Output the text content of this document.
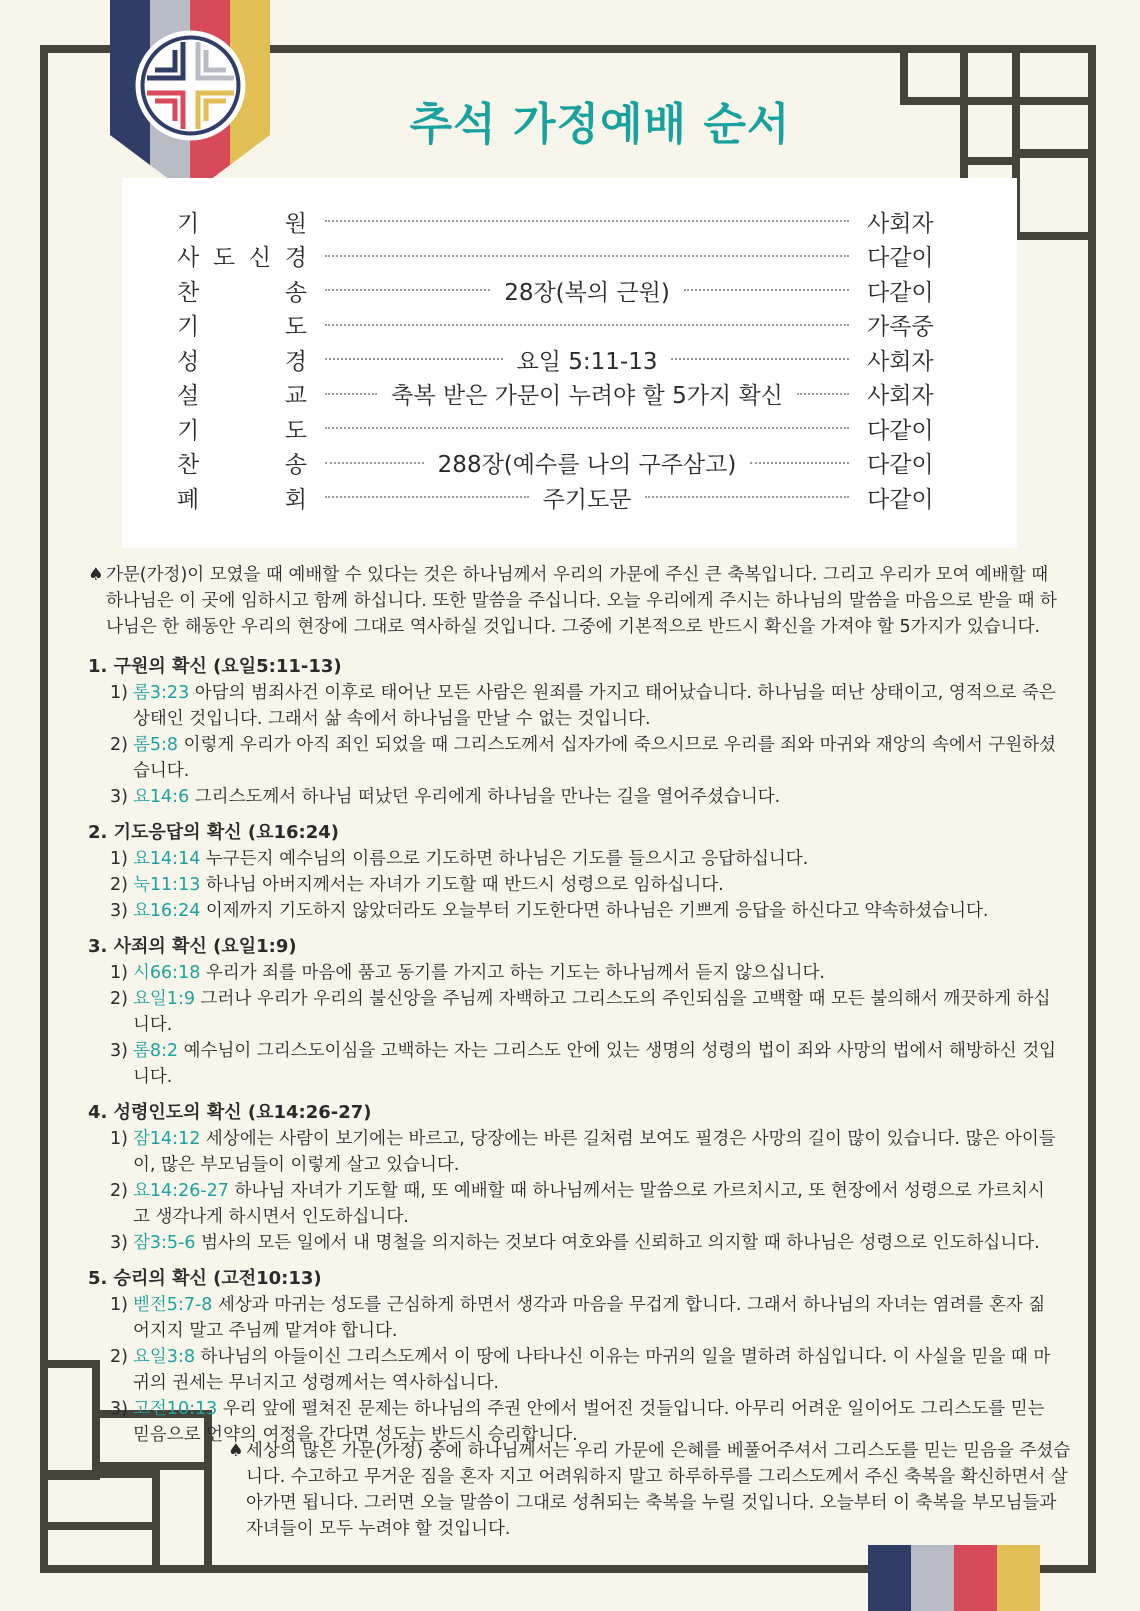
추석 가정예배 순서
기	원	사회자
사 도 신 경	다같이
찬	송	28장(복의 근원)	다같이
기	도	가족중
성	경	요일 5:11-13	사회자
설	교	축복 받은 가문이 누려야 할 5가지 확신	사회자
기	도	다같이
찬	송	288장(예수를 나의 구주삼고)	다같이
폐	회	주기도문	다같이

♠ 가문(가정)이 모였을 때 예배할 수 있다는 것은 하나님께서 우리의 가문에 주신 큰 축복입니다. 그리고 우리가 모여 예배할 때 하나님은 이 곳에 임하시고 함께 하십니다. 또한 말씀을 주십니다. 오늘 우리에게 주시는 하나님의 말씀을 마음으로 받을 때 하나님은 한 해동안 우리의 현장에 그대로 역사하실 것입니다. 그중에 기본적으로 반드시 확신을 가져야 할 5가지가 있습니다.

1. 구원의 확신 (요일5:11-13)

1) 롬3:23 아담의 범죄사건 이후로 태어난 모든 사람은 원죄를 가지고 태어났습니다. 하나님을 떠난 상태이고, 영적으로 죽은 상태인 것입니다. 그래서 삶 속에서 하나님을 만날 수 없는 것입니다.

2) 롬5:8 이렇게 우리가 아직 죄인 되었을 때 그리스도께서 십자가에 죽으시므로 우리를 죄와 마귀와 재앙의 속에서 구원하셨습니다.

3) 요14:6 그리스도께서 하나님 떠났던 우리에게 하나님을 만나는 길을 열어주셨습니다.

2. 기도응답의 확신 (요16:24)

1) 요14:14 누구든지 예수님의 이름으로 기도하면 하나님은 기도를 들으시고 응답하십니다.

2) 눅11:13 하나님 아버지께서는 자녀가 기도할 때 반드시 성령으로 임하십니다.

3) 요16:24 이제까지 기도하지 않았더라도 오늘부터 기도한다면 하나님은 기쁘게 응답을 하신다고 약속하셨습니다.

3. 사죄의 확신 (요일1:9)

1) 시66:18 우리가 죄를 마음에 품고 동기를 가지고 하는 기도는 하나님께서 듣지 않으십니다.

2) 요일1:9 그러나 우리가 우리의 불신앙을 주님께 자백하고 그리스도의 주인되심을 고백할 때 모든 불의해서 깨끗하게 하십니다.

3) 롬8:2 예수님이 그리스도이심을 고백하는 자는 그리스도 안에 있는 생명의 성령의 법이 죄와 사망의 법에서 해방하신 것입니다.

4. 성령인도의 확신 (요14:26-27)

1) 잠14:12 세상에는 사람이 보기에는 바르고, 당장에는 바른 길처럼 보여도 필경은 사망의 길이 많이 있습니다. 많은 아이들이, 많은 부모님들이 이렇게 살고 있습니다.

2) 요14:26-27 하나님 자녀가 기도할 때, 또 예배할 때 하나님께서는 말씀으로 가르치시고, 또 현장에서 성령으로 가르치시고 생각나게 하시면서 인도하십니다.

3) 잠3:5-6 범사의 모든 일에서 내 명철을 의지하는 것보다 여호와를 신뢰하고 의지할 때 하나님은 성령으로 인도하십니다.

5. 승리의 확신 (고전10:13)

1) 벧전5:7-8 세상과 마귀는 성도를 근심하게 하면서 생각과 마음을 무겁게 합니다. 그래서 하나님의 자녀는 염려를 혼자 짊어지지 말고 주님께 맡겨야 합니다.

2) 요일3:8 하나님의 아들이신 그리스도께서 이 땅에 나타나신 이유는 마귀의 일을 멸하려 하심입니다. 이 사실을 믿을 때 마귀의 권세는 무너지고 성령께서는 역사하십니다.

3) 고전10:13 우리 앞에 펼쳐진 문제는 하나님의 주권 안에서 벌어진 것들입니다. 아무리 어려운 일이어도 그리스도를 믿는 믿음으로 언약의 여정을 간다면 성도는 반드시 승리합니다.

♠ 세상의 많은 가문(가정) 중에 하나님께서는 우리 가문에 은혜를 베풀어주셔서 그리스도를 믿는 믿음을 주셨습니다. 수고하고 무거운 짐을 혼자 지고 어려워하지 말고 하루하루를 그리스도께서 주신 축복을 확신하면서 살아가면 됩니다. 그러면 오늘 말씀이 그대로 성취되는 축복을 누릴 것입니다. 오늘부터 이 축복을 부모님들과 자녀들이 모두 누려야 할 것입니다.
